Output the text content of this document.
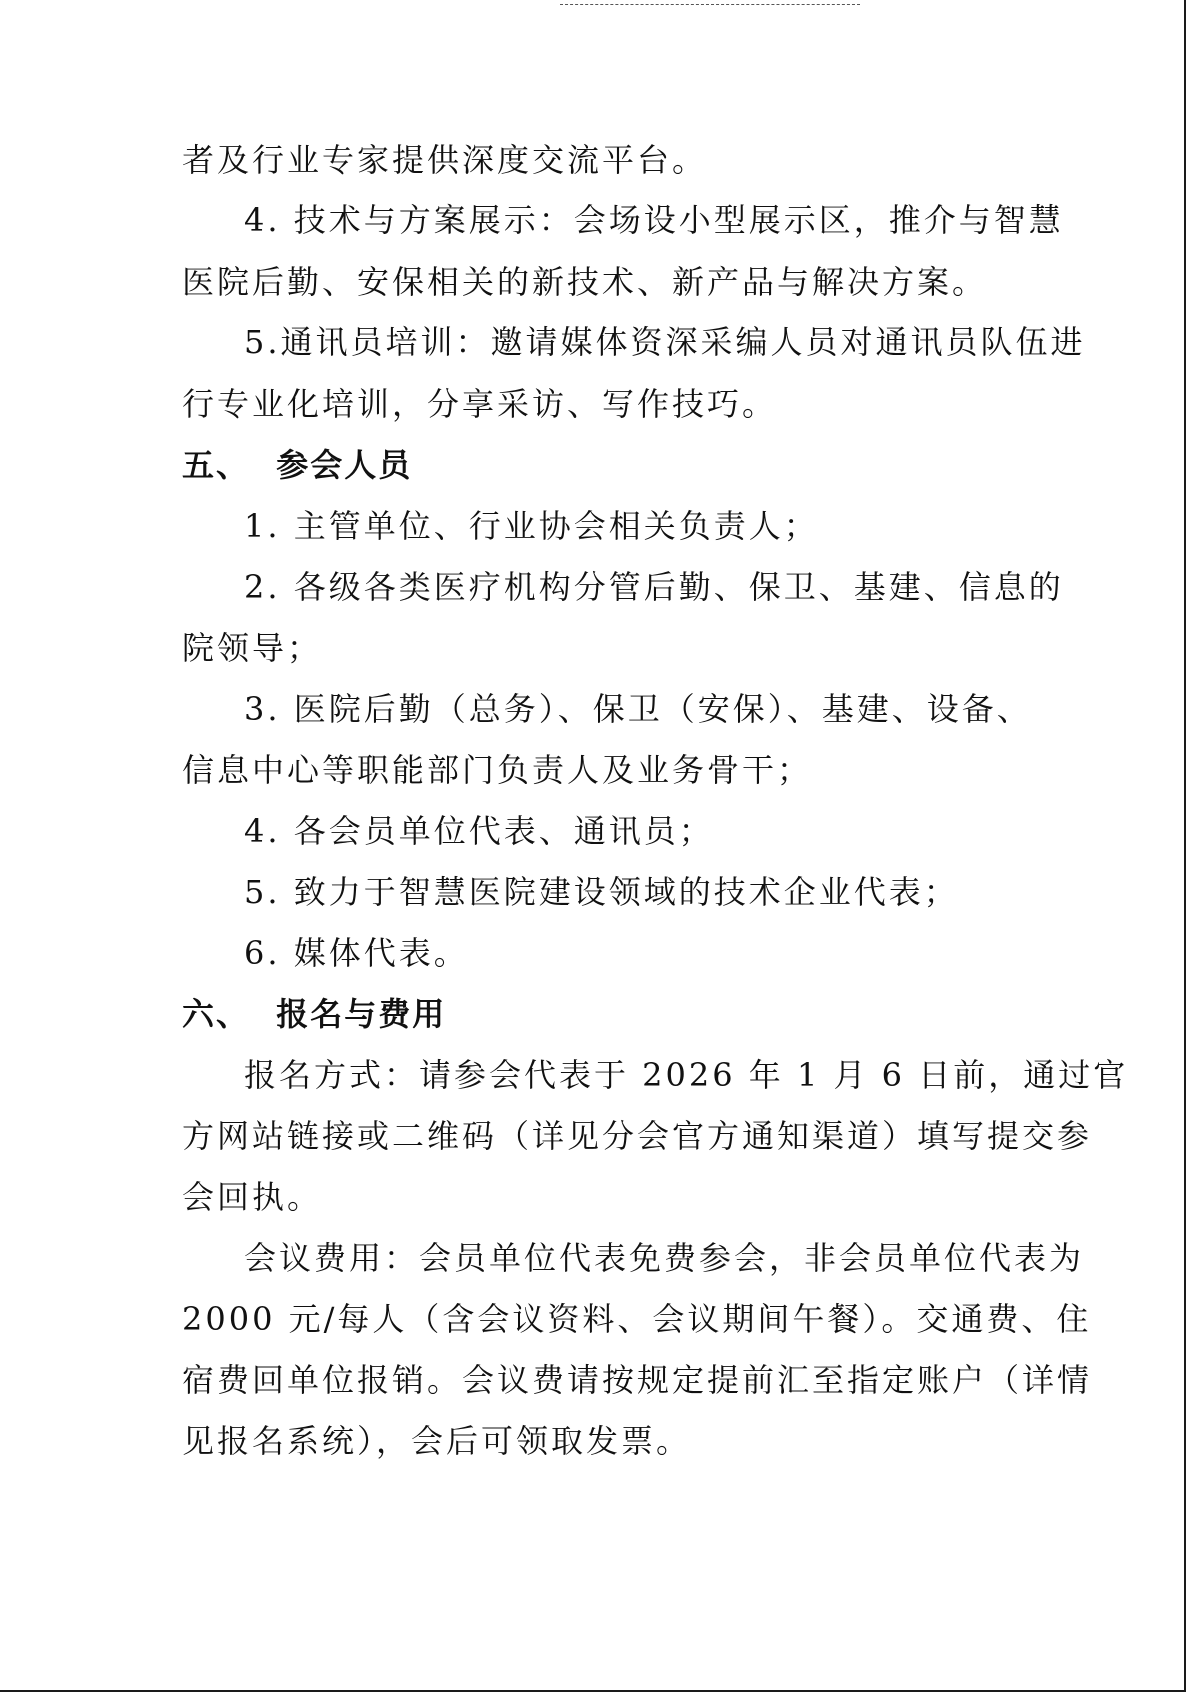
者及行业专家提供深度交流平台。
4. 技术与方案展示：会场设小型展示区，推介与智慧
医院后勤、安保相关的新技术、新产品与解决方案。
5.通讯员培训：邀请媒体资深采编人员对通讯员队伍进
行专业化培训，分享采访、写作技巧。
五、  参会人员
1. 主管单位、行业协会相关负责人；
2. 各级各类医疗机构分管后勤、保卫、基建、信息的
院领导；
3. 医院后勤（总务）、保卫（安保）、基建、设备、
信息中心等职能部门负责人及业务骨干；
4. 各会员单位代表、通讯员；
5. 致力于智慧医院建设领域的技术企业代表；
6. 媒体代表。
六、  报名与费用
报名方式：请参会代表于 2026 年 1 月 6 日前，通过官
方网站链接或二维码（详见分会官方通知渠道）填写提交参
会回执。
会议费用：会员单位代表免费参会，非会员单位代表为
2000 元/每人（含会议资料、会议期间午餐）。交通费、住
宿费回单位报销。会议费请按规定提前汇至指定账户（详情
见报名系统），会后可领取发票。
